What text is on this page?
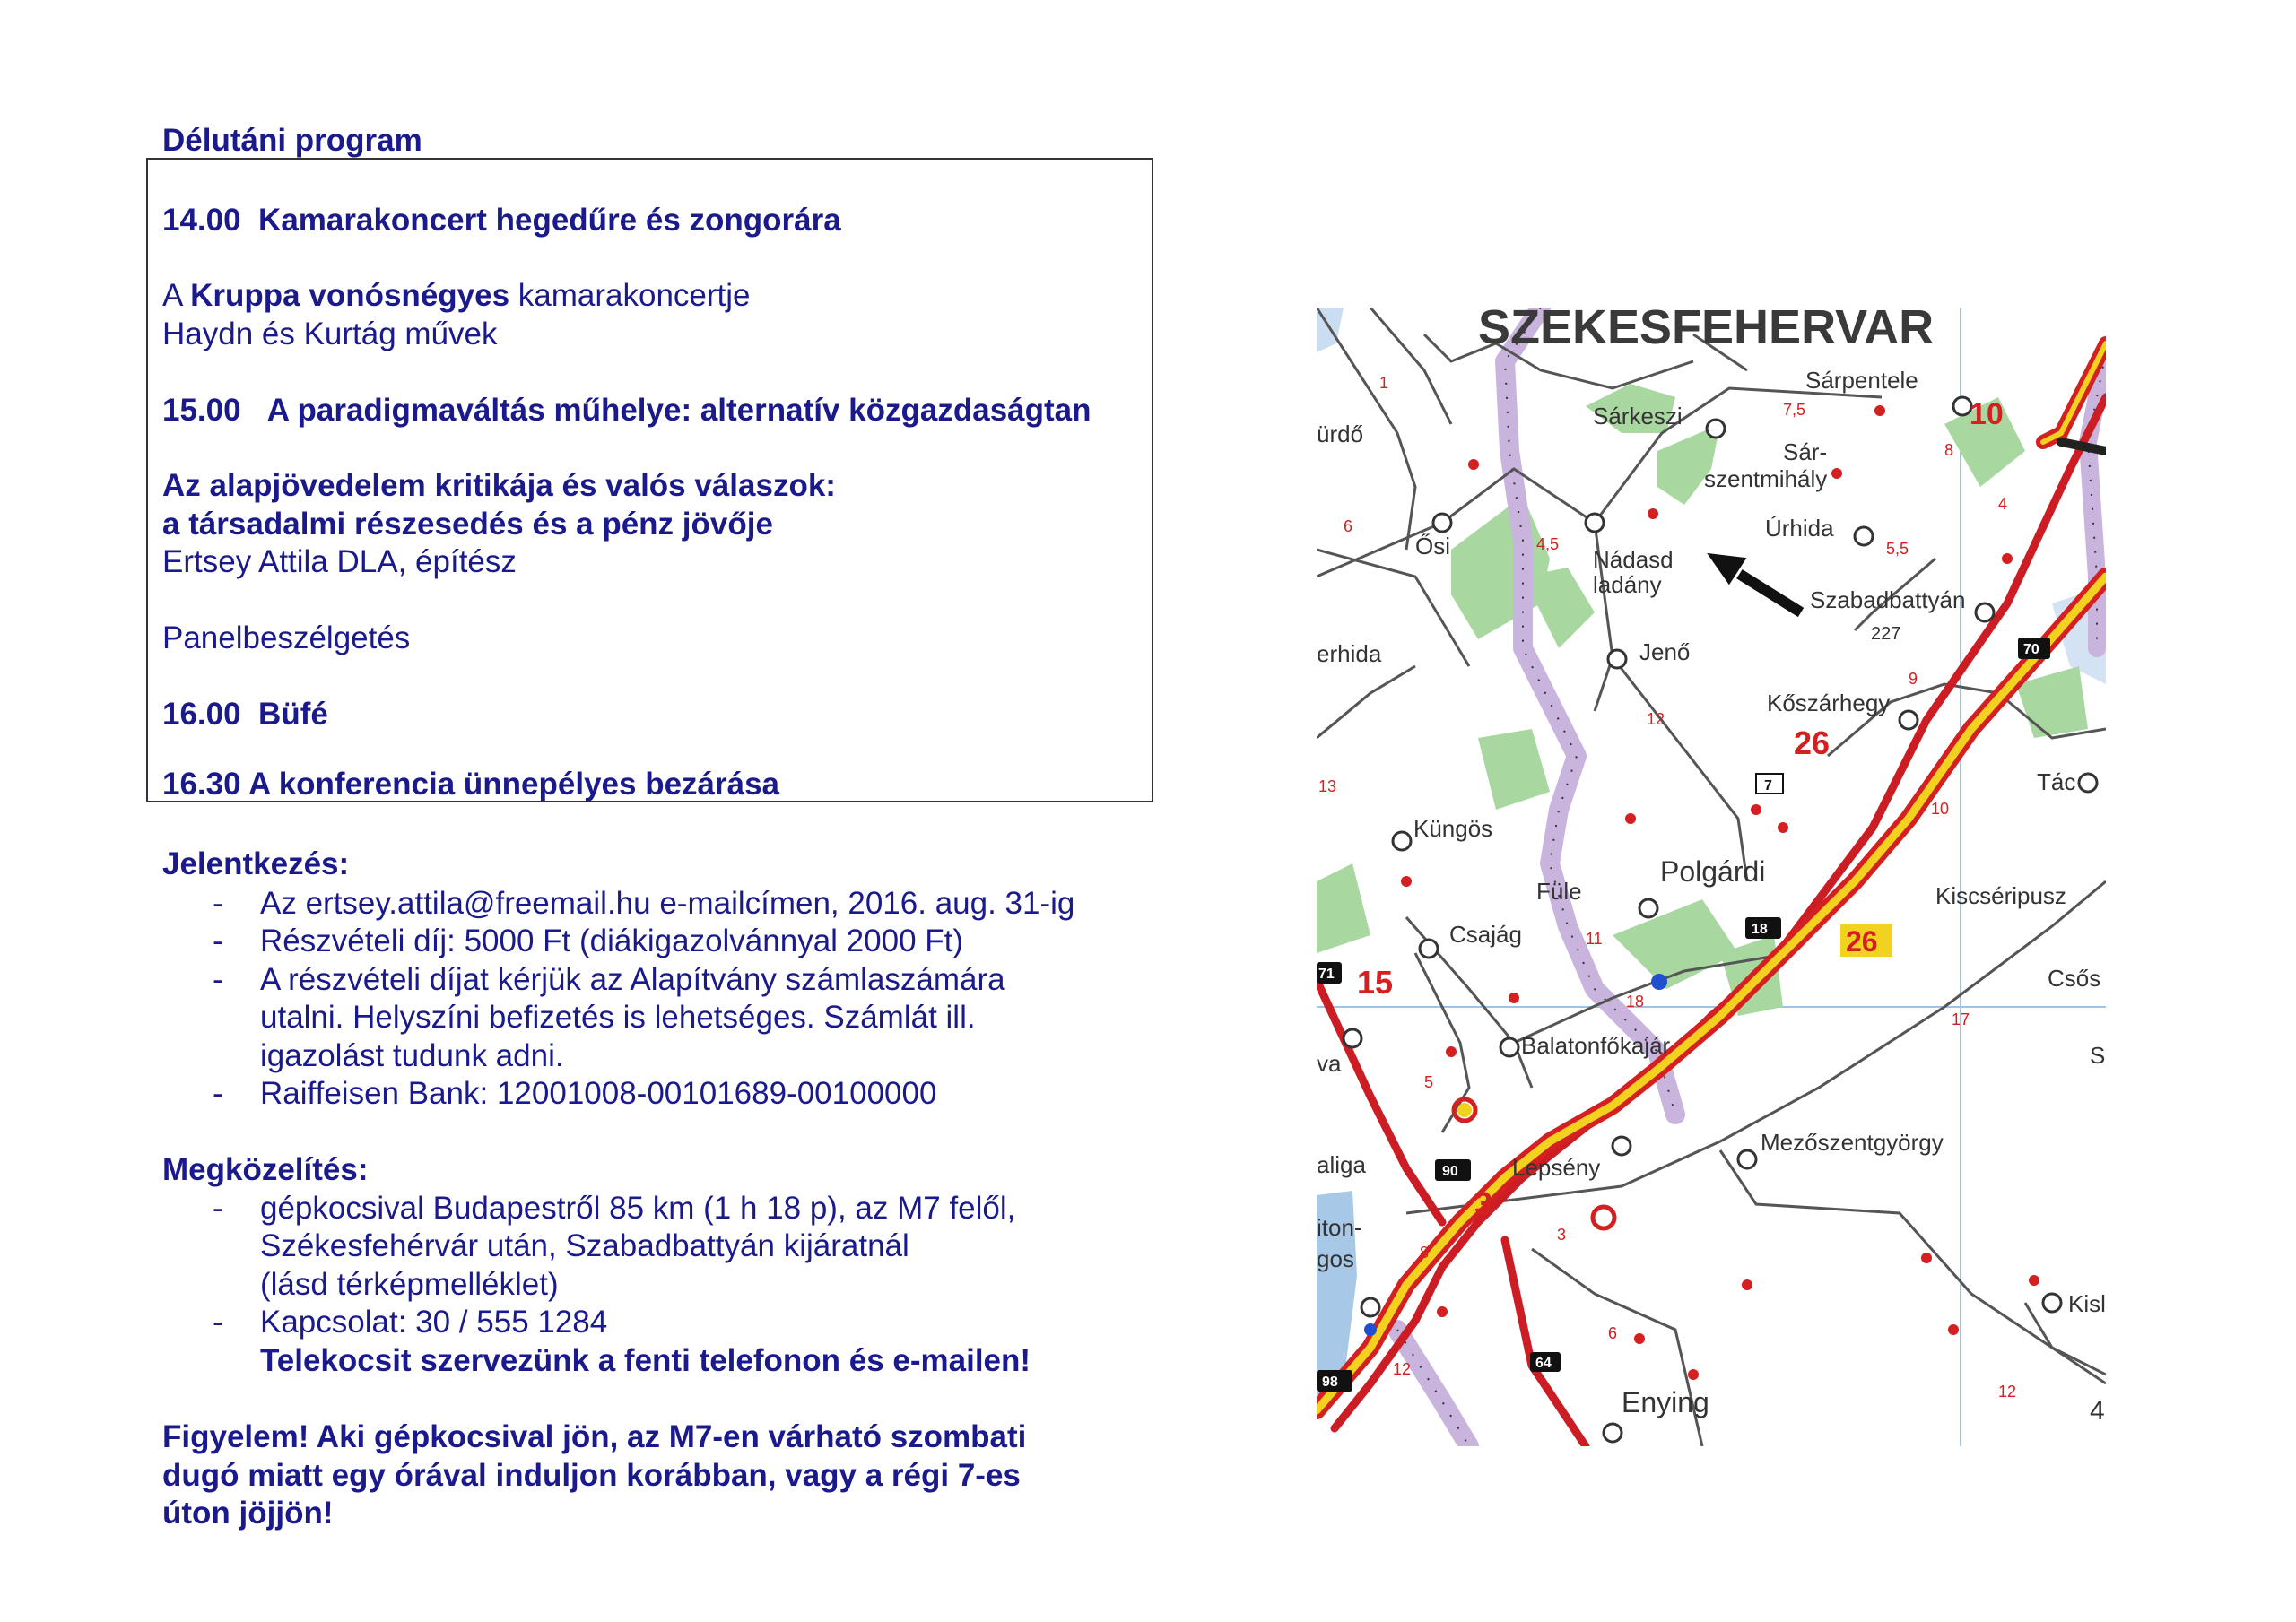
Délutáni program
14.00 Kamarakoncert hegedűre és zongorára
A Kruppa vonósnégyes kamarakoncertje
Haydn és Kurtág művek
15.00 A paradigmaváltás műhelye: alternatív közgazdaságtan
Az alapjövedelem kritikája és valós válaszok:
a társadalmi részesedés és a pénz jövője
Ertsey Attila DLA, építész
Panelbeszélgetés
16.00 Büfé
16.30 A konferencia ünnepélyes bezárása
Jelentkezés:
- Az ertsey.attila@freemail.hu e-mailcímen, 2016. aug. 31-ig
- Részvételi díj: 5000 Ft (diákigazolvánnyal 2000 Ft)
- A részvételi díjat kérjük az Alapítvány számlaszámára
utalni. Helyszíni befizetés is lehetséges. Számlát ill.
igazolást tudunk adni.
- Raiffeisen Bank: 12001008-00101689-00100000
Megközelítés:
- gépkocsival Budapestről 85 km (1 h 18 p), az M7 felől,
Székesfehérvár után, Szabadbattyán kijáratnál
(lásd térképmelléklet)
- Kapcsolat: 30 / 555 1284
Telekocsit szervezünk a fenti telefonon és e-mailen!
Figyelem! Aki gépkocsival jön, az M7-en várható szombati
dugó miatt egy órával induljon korábban, vagy a régi 7-es
úton jöjjön!
SZEKESFEHERVAR
Sárpentele
Sárkeszi
Sár-
szentmihály
Úrhida
ürdő
Ősi	Nádasd
ladány
Szabadbattyán
227
erhida	Jenő
Kőszárhegy
Tác
Küngös
Polgárdi
Füle	Kiscséripusz
Csajág
Csős
S
va
Balatonfőkajár
Mezőszentgyörgy
aliga	Lepsény
iton-
gos
Kisl
Enying	4
10
26
26
15
3
70
18
90
98
71
64
7
1
6
4,5
7,5
5,5
4
8
9
12
13
11
10
17
18
5
6
8
12
12
3
